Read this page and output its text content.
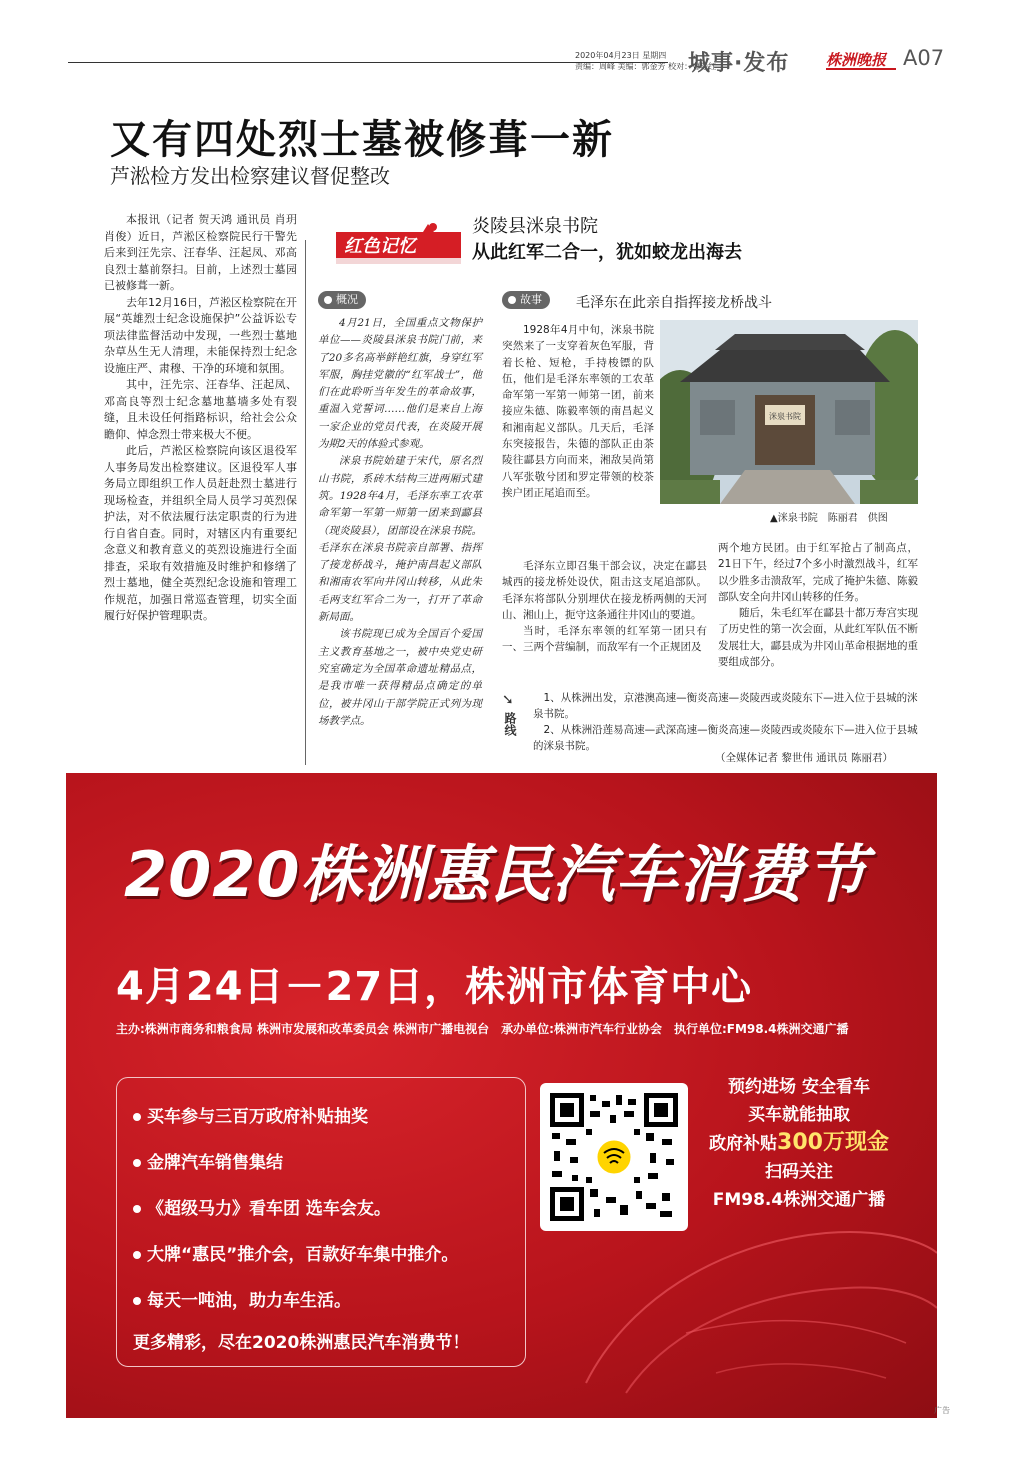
2020年04月23日 星期四
责编：周峰 美编：郭金芳 校对：曹艳红
城事·发布 株洲晚报 A07
又有四处烈士墓被修葺一新
芦淞检方发出检察建议督促整改

本报讯（记者 贺天鸿 通讯员 肖玥 肖俊）近日，芦淞区检察院民行干警先后来到汪先宗、汪春华、汪起凤、邓高良烈士墓前祭扫。目前，上述烈士墓园已被修葺一新。

去年12月16日，芦淞区检察院在开展“英雄烈士纪念设施保护”公益诉讼专项法律监督活动中发现，一些烈士墓地杂草丛生无人清理，未能保持烈士纪念设施庄严、肃穆、干净的环境和氛围。

其中，汪先宗、汪春华、汪起凤、邓高良等烈士纪念墓地墓墙多处有裂缝，且未设任何指路标识，给社会公众瞻仰、悼念烈士带来极大不便。

此后，芦淞区检察院向该区退役军人事务局发出检察建议。区退役军人事务局立即组织工作人员赶赴烈士墓进行现场检查，并组织全局人员学习英烈保护法，对不依法履行法定职责的行为进行自省自查。同时，对辖区内有重要纪念意义和教育意义的英烈设施进行全面排查，采取有效措施及时维护和修缮了烈士墓地，健全英烈纪念设施和管理工作规范，加强日常巡查管理，切实全面履行好保护管理职责。

红色记忆
炎陵县洣泉书院
从此红军二合一，犹如蛟龙出海去
概况	故事	毛泽东在此亲自指挥接龙桥战斗

4月21日，全国重点文物保护单位——炎陵县洣泉书院门前，来了20多名高举鲜艳红旗，身穿红军军服，胸挂党徽的“红军战士”，他们在此聆听当年发生的革命故事，重温入党誓词……他们是来自上海一家企业的党员代表，在炎陵开展为期2天的体验式参观。

洣泉书院始建于宋代，原名烈山书院，系砖木结构三进两厢式建筑。1928年4月，毛泽东率工农革命军第一军第一师第一团来到酃县（现炎陵县），团部设在洣泉书院。毛泽东在洣泉书院亲自部署、指挥了接龙桥战斗，掩护南昌起义部队和湘南农军向井冈山转移，从此朱毛两支红军合二为一，打开了革命新局面。

该书院现已成为全国百个爱国主义教育基地之一，被中央党史研究室确定为全国革命遗址精品点，是我市唯一获得精品点确定的单位，被井冈山干部学院正式列为现场教学点。

1928年4月中旬，洣泉书院突然来了一支穿着灰色军服，背着长枪、短枪，手持梭镖的队伍，他们是毛泽东率领的工农革命军第一军第一师第一团，前来接应朱德、陈毅率领的南昌起义和湘南起义部队。几天后，毛泽东突接报告，朱德的部队正由茶陵往酃县方向而来，湘敌吴尚第八军张敬兮团和罗定带领的校茶挨户团正尾追而至。

洣泉书院
▲洣泉书院　陈丽君　供图

毛泽东立即召集干部会议，决定在酃县城西的接龙桥处设伏，阻击这支尾追部队。毛泽东将部队分别埋伏在接龙桥两侧的天河山、湘山上，扼守这条通往井冈山的要道。

当时，毛泽东率领的红军第一团只有一、三两个营编制，而敌军有一个正规团及

两个地方民团。由于红军抢占了制高点，21日下午，经过7个多小时激烈战斗，红军以少胜多击溃敌军，完成了掩护朱德、陈毅部队安全向井冈山转移的任务。

随后，朱毛红军在酃县十都万寿宫实现了历史性的第一次会面，从此红军队伍不断发展壮大，酃县成为井冈山革命根据地的重要组成部分。

➘
路线

1、从株洲出发，京港澳高速—衡炎高速—炎陵西或炎陵东下—进入位于县城的洣泉书院。

2、从株洲沿莲易高速—武深高速—衡炎高速—炎陵西或炎陵东下—进入位于县城的洣泉书院。

（全媒体记者 黎世伟 通讯员 陈丽君）
2020株洲惠民汽车消费节
4月24日－27日，株洲市体育中心
主办:株洲市商务和粮食局 株洲市发展和改革委员会 株洲市广播电视台　承办单位:株洲市汽车行业协会　执行单位:FM98.4株洲交通广播
买车参与三百万政府补贴抽奖
金牌汽车销售集结
《超级马力》看车团 选车会友。
大牌“惠民”推介会，百款好车集中推介。
每天一吨油，助力车生活。
更多精彩，尽在2020株洲惠民汽车消费节！
预约进场 安全看车
买车就能抽取
政府补贴300万现金
扫码关注
FM98.4株洲交通广播
广告
